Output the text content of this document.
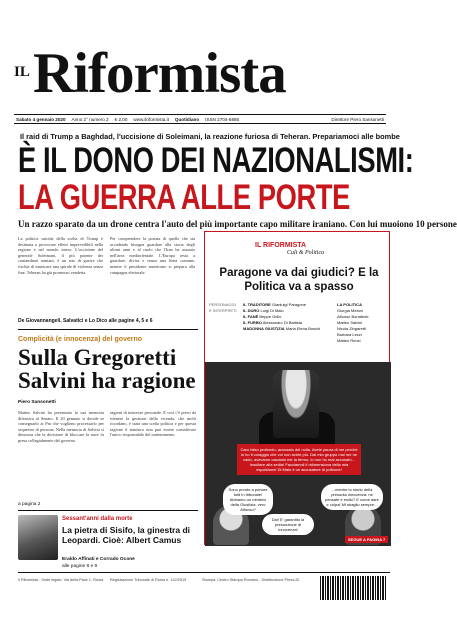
IL Riformista
Sabato 4 gennaio 2020 Anno 2° numero 2 € 2,00 www.ilriformista.it Quotidiano ISSN 2704-6885	Direttore Piero Sansonetti
Il raid di Trump a Baghdad, l'uccisione di Soleimani, la reazione furiosa di Teheran. Prepariamoci alle bombe
È IL DONO DEI NAZIONALISMI:
LA GUERRA ALLE PORTE
Un razzo sparato da un drone centra l'auto del più importante capo militare iraniano. Con lui muoiono 10 persone
La politica suicida della scelta di Trump è destinata a provocare effetti imprevedibili nella regione e nel mondo intero. L'uccisione del generale Soleimani, il più potente dei comandanti iraniani, è un atto di guerra che rischia di innescare una spirale di violenza senza fine. Teheran ha già promesso vendetta.
Per comprendere la portata di quello che sta accadendo bisogna guardare alla storia degli ultimi anni e al ruolo che l'Iran ha assunto nell'area mediorientale. L'Europa resta a guardare, divisa e senza una linea comune, mentre il presidente americano si prepara alla campagna elettorale.
De Giovannangeli, Salvatici e Lo Dico alle pagine 4, 5 e 6
Complicità (e innocenza) del governo
Sulla Gregoretti Salvini ha ragione
Piero Sansonetti
Matteo Salvini ha presentato la sua memoria difensiva al Senato. Il 20 gennaio si decide se consegnarlo ai Pm che vogliono processarlo per sequestro di persona. Nella memoria di Salvini si dimostra che la decisione di bloccare la nave fu presa collegialmente dal governo.
ragioni di interesse personale. E così c'è preso da ritenere la gestione della vicenda, che molti ricordano, è stata una scelta politica e per questa ragione il ministro non può essere considerato l'unico responsabile del trattenimento.
a pagina 2
Sessant'anni dalla morte
La pietra di Sisifo, la ginestra di Leopardi. Cioè: Albert Camus
Eraldo Affinati e Corrado Ocone
alle pagine 8 e 9
IL RIFORMISTA
Cult & Politica
Paragone va dai giudici? E la Politica va a spasso
PERSONAGGI E INTERPRETI
IL TRADITORE Gianluigi Paragone
IL DURO Luigi Di Maio
IL FANÉ Beppe Grillo
IL FURBO Alessandro Di Battista
MADONNA GIUSTIZIA Maria Elena Boschi
LA POLITICA
Giorgia Meloni
Alfonso Bonafede
Matteo Salvini
Nicola Zingaretti
Barbara Lezzi
Matteo Renzi
Caro falso profondo, accusato del nulla. Avete paura di me perché io ho il coraggio che voi non avete più. Dal mio gruppo mai me ne vado, avevamo cacciato me la fermo, io non ho mai accusato... Insultare alla sedia! Facciamoli il ridimensiona della mia espulsione! Di Maio è un accusatore di poltrone!
Sono pronto a portare tutti in tribunale! Abbiamo un ministro della Giustizia, vero Alfonso?
...mentre lo storto della presunta innocenza: ne pensate e esilio? E come dare e colpa! Mi sbaglio sempre...
Dai! E' garantito la presunzione di innocenza!
SEGUE A PAGINA 7
Il Riformista - Sede legale: Via della Pace 1, Roma Registrazione Tribunale di Roma n. 142/2019	Stampa: Centro Stampa Romano - Distribuzione Press-Di
